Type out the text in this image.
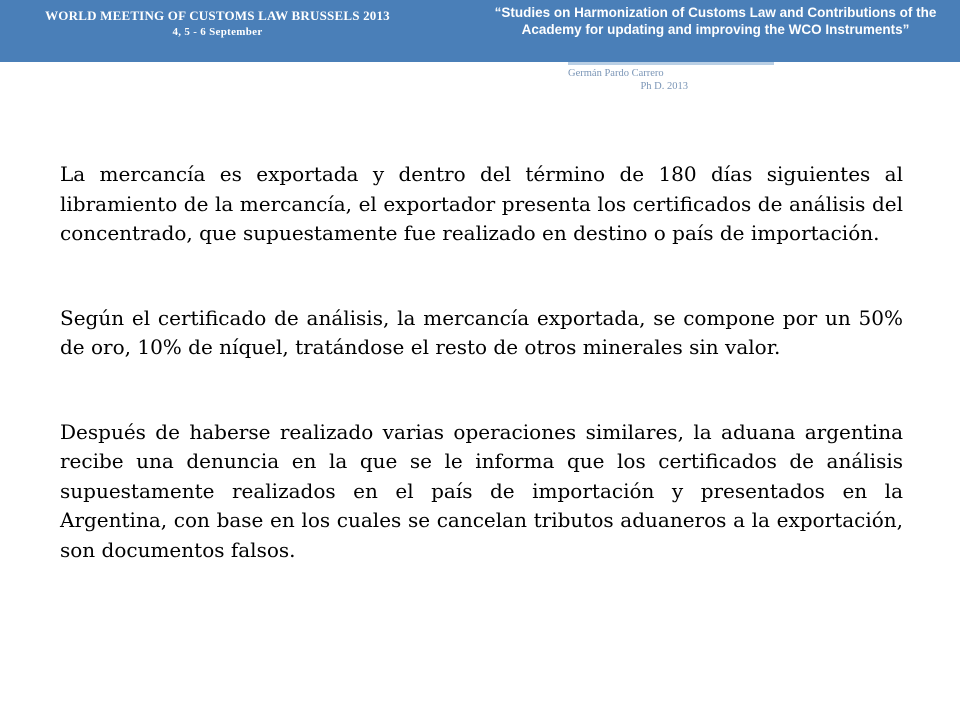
WORLD MEETING OF CUSTOMS LAW BRUSSELS 2013
4, 5 - 6 September
“Studies on Harmonization of Customs Law and Contributions of the Academy for updating and improving the WCO Instruments”
Germán Pardo Carrero
Ph D. 2013

La mercancía es exportada y dentro del término de 180 días siguientes al libramiento de la mercancía, el exportador presenta los certificados de análisis del concentrado, que supuestamente fue realizado en destino o país de importación.

Según el certificado de análisis, la mercancía exportada, se compone por un 50% de oro, 10% de níquel, tratándose el resto de otros minerales sin valor.

Después de haberse realizado varias operaciones similares, la aduana argentina recibe una denuncia en la que se le informa que los certificados de análisis supuestamente realizados en el país de importación y presentados en la Argentina, con base en los cuales se cancelan tributos aduaneros a la exportación, son documentos falsos.
